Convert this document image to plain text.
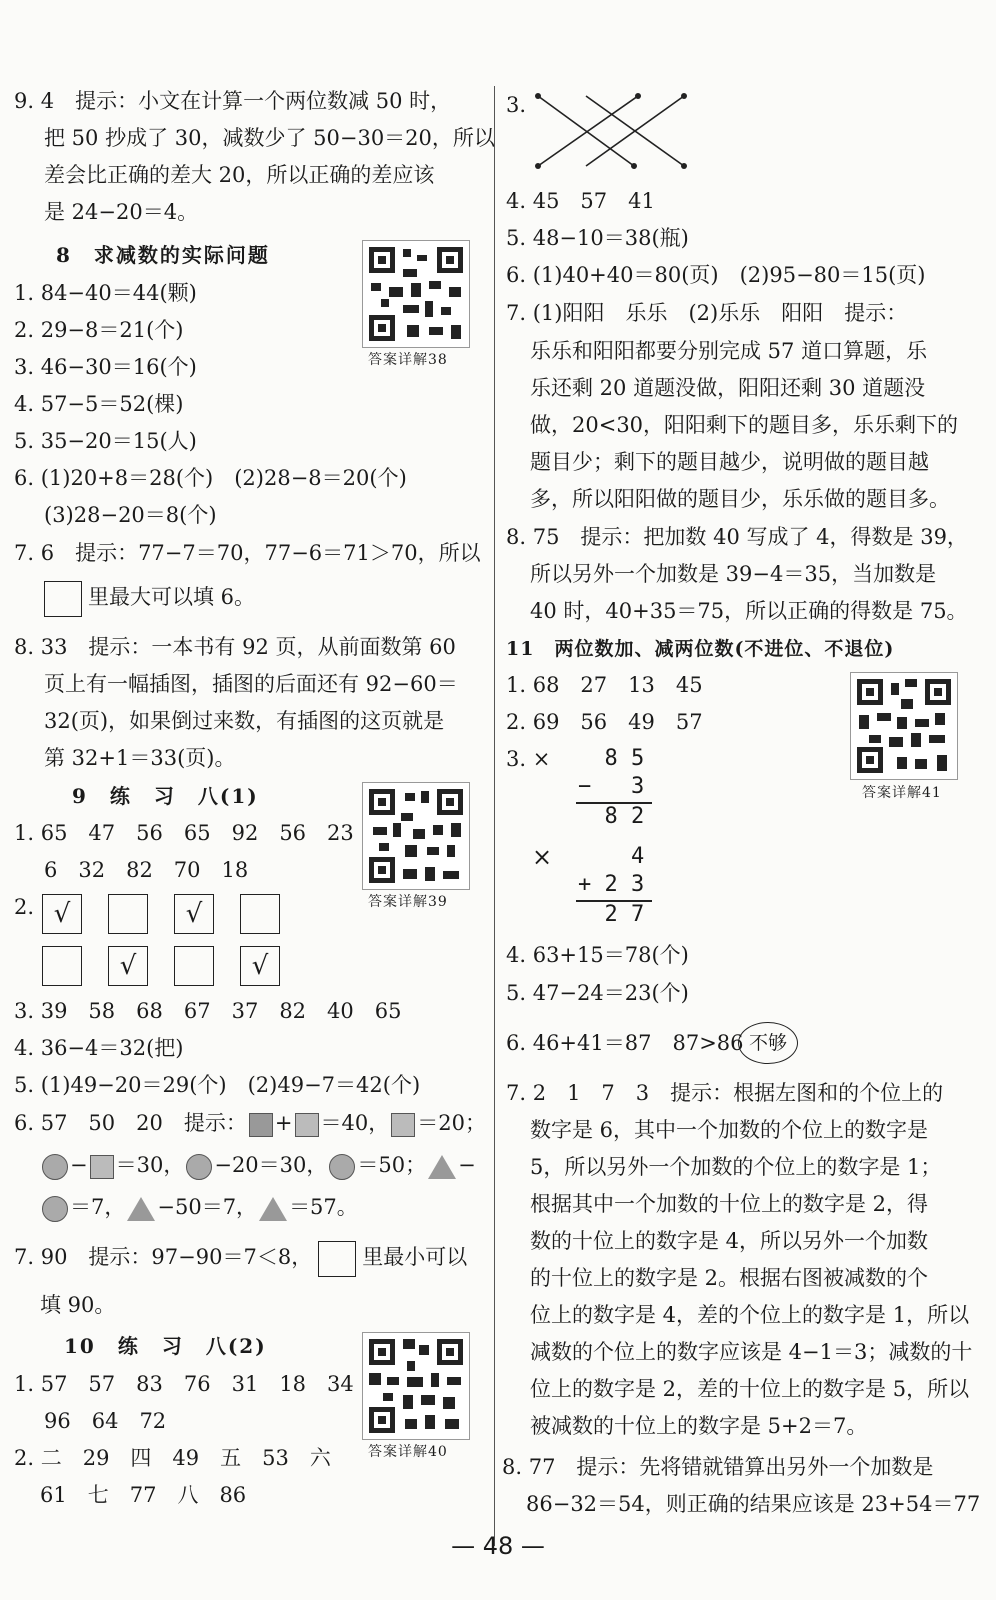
9. 4　提示：小文在计算一个两位数减 50 时，
把 50 抄成了 30，减数少了 50−30＝20，所以
差会比正确的差大 20，所以正确的差应该
是 24−20＝4。
8　求减数的实际问题
答案详解38
1. 84−40＝44(颗)
2. 29−8＝21(个)
3. 46−30＝16(个)
4. 57−5＝52(棵)
5. 35−20＝15(人)
6. (1)20+8＝28(个)　(2)28−8＝20(个)
(3)28−20＝8(个)
7. 6　提示：77−7＝70，77−6＝71＞70，所以
里最大可以填 6。
8. 33　提示：一本书有 92 页，从前面数第 60
页上有一幅插图，插图的后面还有 92−60＝
32(页)，如果倒过来数，有插图的这页就是
第 32+1＝33(页)。
9　练　习　八(1)
答案详解39
1. 65　47　56　65　92　56　23
6　32　82　70　18
2. √	√
√	√
3. 39　58　68　67　37　82　40　65
4. 36−4＝32(把)
5. (1)49−20＝29(个)　(2)49−7＝42(个)
6. 57　50　20　提示： + ＝40， ＝20；
− ＝30， −20＝30， ＝50； −
＝7， −50＝7， ＝57。
7. 90　提示：97−90＝7＜8， 里最小可以
填 90。
10　练　习　八(2)
答案详解40
1. 57　57　83　76　31　18　34
96　64　72
2. 二　29　四　49　五　53　六
61　七　77　八　86
3.
4. 45　57　41
5. 48−10＝38(瓶)
6. (1)40+40＝80(页)　(2)95−80＝15(页)
7. (1)阳阳　乐乐　(2)乐乐　阳阳　提示：
乐乐和阳阳都要分别完成 57 道口算题，乐
乐还剩 20 道题没做，阳阳还剩 30 道题没
做，20<30，阳阳剩下的题目多，乐乐剩下的
题目少；剩下的题目越少，说明做的题目越
多，所以阳阳做的题目少，乐乐做的题目多。
8. 75　提示：把加数 40 写成了 4，得数是 39，
所以另外一个加数是 39−4＝35，当加数是
40 时，40+35＝75，所以正确的得数是 75。
11　两位数加、减两位数(不进位、不退位)
答案详解41
1. 68　27　13　45
2. 69　56　49　57
3. × 8 5
−   3
8 2
× 4
+ 2 3
2 7
4. 63+15＝78(个)
5. 47−24＝23(个)
6. 46+41＝87　87>86 不够
7. 2　1　7　3　提示：根据左图和的个位上的
数字是 6，其中一个加数的个位上的数字是
5，所以另外一个加数的个位上的数字是 1；
根据其中一个加数的十位上的数字是 2，得
数的十位上的数字是 4，所以另外一个加数
的十位上的数字是 2。根据右图被减数的个
位上的数字是 4，差的个位上的数字是 1，所以
减数的个位上的数字应该是 4−1＝3；减数的十
位上的数字是 2，差的十位上的数字是 5，所以
被减数的十位上的数字是 5+2＝7。
8. 77　提示：先将错就错算出另外一个加数是
86−32＝54，则正确的结果应该是 23+54＝77
— 48 —
